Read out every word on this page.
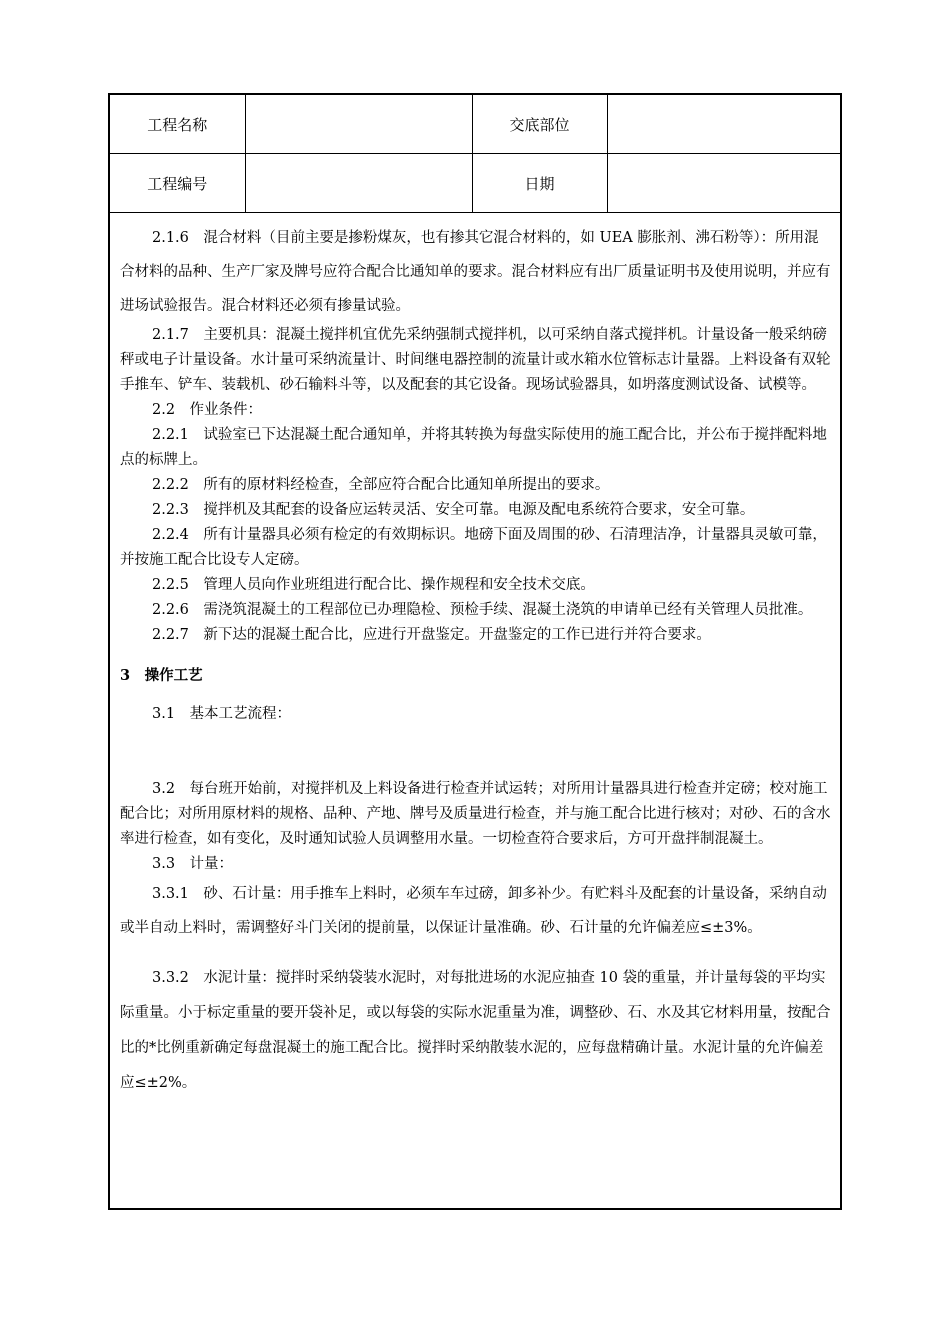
工程名称		交底部位	
工程编号		日期	

2.1.6　混合材料（目前主要是掺粉煤灰，也有掺其它混合材料的，如 UEA 膨胀剂、沸石粉等）：所用混合材料的品种、生产厂家及牌号应符合配合比通知单的要求。混合材料应有出厂质量证明书及使用说明，并应有进场试验报告。混合材料还必须有掺量试验。

2.1.7　主要机具：混凝土搅拌机宜优先采纳强制式搅拌机，以可采纳自落式搅拌机。计量设备一般采纳磅秤或电子计量设备。水计量可采纳流量计、时间继电器控制的流量计或水箱水位管标志计量器。上料设备有双轮手推车、铲车、装载机、砂石输料斗等，以及配套的其它设备。现场试验器具，如坍落度测试设备、试模等。

2.2　作业条件：

2.2.1　试验室已下达混凝土配合通知单，并将其转换为每盘实际使用的施工配合比，并公布于搅拌配料地点的标牌上。

2.2.2　所有的原材料经检查，全部应符合配合比通知单所提出的要求。

2.2.3　搅拌机及其配套的设备应运转灵活、安全可靠。电源及配电系统符合要求，安全可靠。

2.2.4　所有计量器具必须有检定的有效期标识。地磅下面及周围的砂、石清理洁净，计量器具灵敏可靠，并按施工配合比设专人定磅。

2.2.5　管理人员向作业班组进行配合比、操作规程和安全技术交底。

2.2.6　需浇筑混凝土的工程部位已办理隐检、预检手续、混凝土浇筑的申请单已经有关管理人员批准。

2.2.7　新下达的混凝土配合比，应进行开盘鉴定。开盘鉴定的工作已进行并符合要求。

3　操作工艺

3.1　基本工艺流程：

3.2　每台班开始前，对搅拌机及上料设备进行检查并试运转；对所用计量器具进行检查并定磅；校对施工配合比；对所用原材料的规格、品种、产地、牌号及质量进行检查，并与施工配合比进行核对；对砂、石的含水率进行检查，如有变化，及时通知试验人员调整用水量。一切检查符合要求后，方可开盘拌制混凝土。

3.3　计量：

3.3.1　砂、石计量：用手推车上料时，必须车车过磅，卸多补少。有贮料斗及配套的计量设备，采纳自动或半自动上料时，需调整好斗门关闭的提前量，以保证计量准确。砂、石计量的允许偏差应≤±3%。

3.3.2　水泥计量：搅拌时采纳袋装水泥时，对每批进场的水泥应抽查 10 袋的重量，并计量每袋的平均实际重量。小于标定重量的要开袋补足，或以每袋的实际水泥重量为准，调整砂、石、水及其它材料用量，按配合比的*比例重新确定每盘混凝土的施工配合比。搅拌时采纳散装水泥的，应每盘精确计量。水泥计量的允许偏差应≤±2%。
